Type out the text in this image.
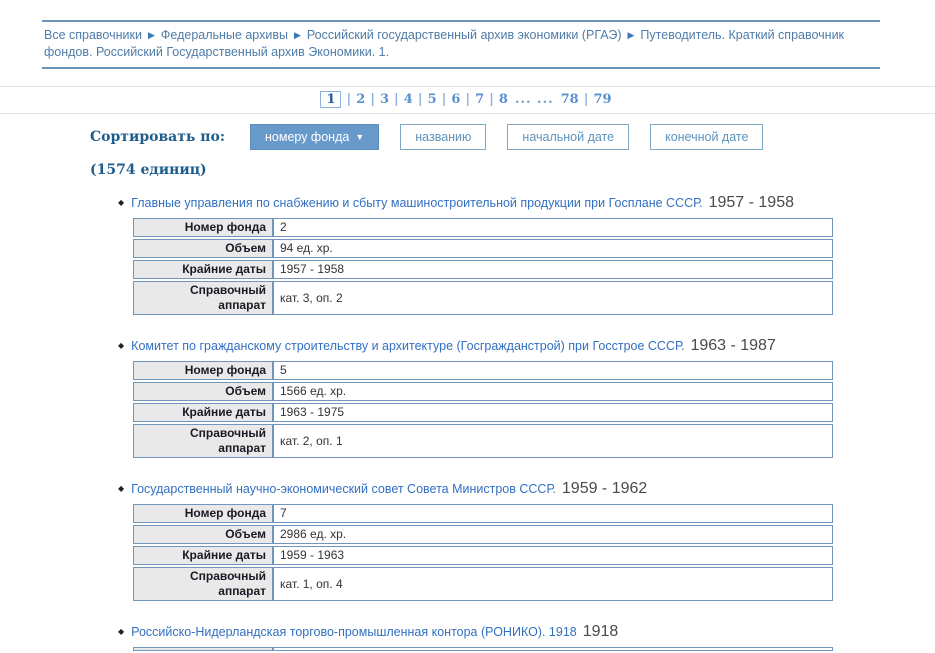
Все справочники ▶ Федеральные архивы ▶ Российский государственный архив экономики (РГАЭ) ▶ Путеводитель. Краткий справочник фондов. Российский Государственный архив Экономики. 1.
1 | 2 | 3 | 4 | 5 | 6 | 7 | 8 ... ... 78 | 79
Сортировать по:	номеру фонда ▼	названию	начальной дате	конечной дате
(1574 единиц)
◆ Главные управления по снабжению и сбыту машиностроительной продукции при Госплане СССР. 1957 - 1958
Номер фонда	2
Объем	94 ед. хр.
Крайние даты	1957 - 1958
Справочный аппарат	кат. 3, оп. 2
◆ Комитет по гражданскому строительству и архитектуре (Госгражданстрой) при Госстрое СССР. 1963 - 1987
Номер фонда	5
Объем	1566 ед. хр.
Крайние даты	1963 - 1975
Справочный аппарат	кат. 2, оп. 1
◆ Государственный научно-экономический совет Совета Министров СССР. 1959 - 1962
Номер фонда	7
Объем	2986 ед. хр.
Крайние даты	1959 - 1963
Справочный аппарат	кат. 1, оп. 4
◆ Российско-Нидерландская торгово-промышленная контора (РОНИКО). 1918 1918
